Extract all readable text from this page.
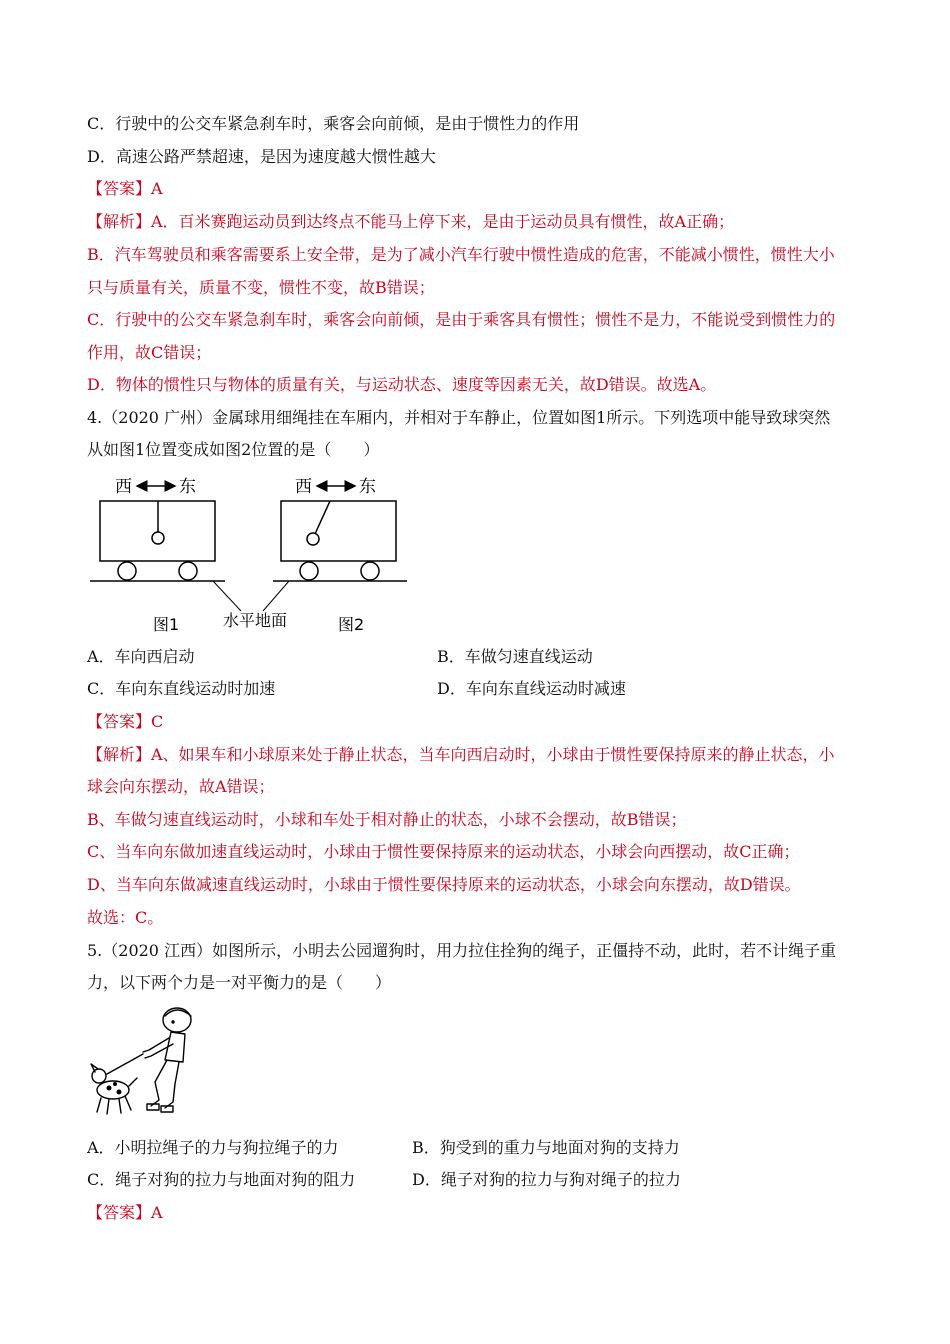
C．行驶中的公交车紧急刹车时，乘客会向前倾，是由于惯性力的作用
D．高速公路严禁超速，是因为速度越大惯性越大
【答案】A
【解析】A．百米赛跑运动员到达终点不能马上停下来，是由于运动员具有惯性，故A正确；
B．汽车驾驶员和乘客需要系上安全带，是为了减小汽车行驶中惯性造成的危害，不能减小惯性，惯性大小
只与质量有关，质量不变，惯性不变，故B错误；
C．行驶中的公交车紧急刹车时，乘客会向前倾，是由于乘客具有惯性；惯性不是力，不能说受到惯性力的
作用，故C错误；
D．物体的惯性只与物体的质量有关，与运动状态、速度等因素无关，故D错误。故选A。
4.（2020 广州）金属球用细绳挂在车厢内，并相对于车静止，位置如图1所示。下列选项中能导致球突然
从如图1位置变成如图2位置的是（　　）
西	东
图1
西	东
图2
水平地面
A．车向西启动	B．车做匀速直线运动
C．车向东直线运动时加速	D．车向东直线运动时减速
【答案】C
【解析】A、如果车和小球原来处于静止状态，当车向西启动时，小球由于惯性要保持原来的静止状态，小
球会向东摆动，故A错误；
B、车做匀速直线运动时，小球和车处于相对静止的状态，小球不会摆动，故B错误；
C、当车向东做加速直线运动时，小球由于惯性要保持原来的运动状态，小球会向西摆动，故C正确；
D、当车向东做减速直线运动时，小球由于惯性要保持原来的运动状态，小球会向东摆动，故D错误。
故选：C。
5.（2020 江西）如图所示，小明去公园遛狗时，用力拉住拴狗的绳子，正僵持不动，此时，若不计绳子重
力，以下两个力是一对平衡力的是（　　）
A．小明拉绳子的力与狗拉绳子的力	B．狗受到的重力与地面对狗的支持力
C．绳子对狗的拉力与地面对狗的阻力	D．绳子对狗的拉力与狗对绳子的拉力
【答案】A
